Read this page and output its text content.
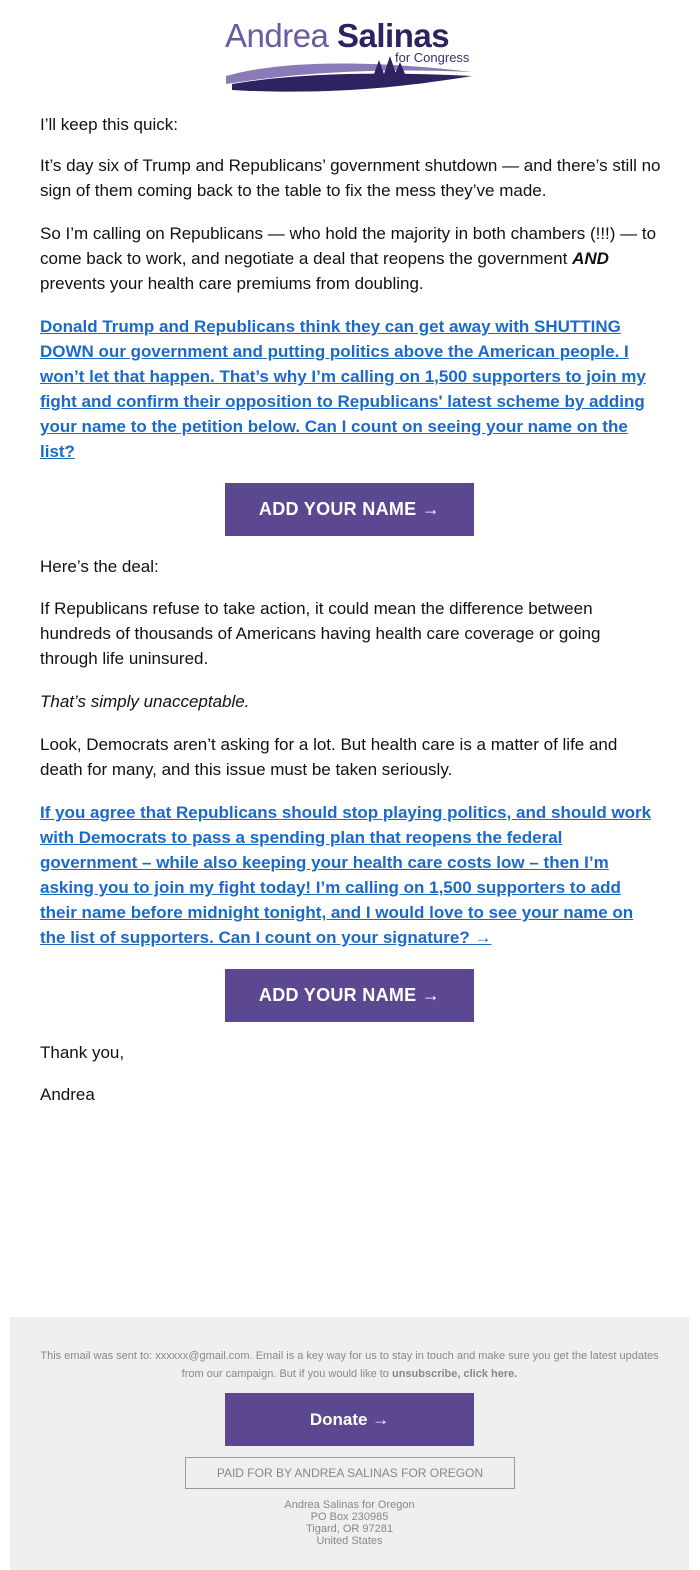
Andrea Salinas
for Congress

I’ll keep this quick:

It’s day six of Trump and Republicans’ government shutdown — and there’s still no sign of them coming back to the table to fix the mess they’ve made.

So I’m calling on Republicans — who hold the majority in both chambers (!!!) — to come back to work, and negotiate a deal that reopens the government AND prevents your health care premiums from doubling.

Donald Trump and Republicans think they can get away with SHUTTING DOWN our government and putting politics above the American people. I won’t let that happen. That’s why I’m calling on 1,500 supporters to join my fight and confirm their opposition to Republicans' latest scheme by adding your name to the petition below. Can I count on seeing your name on the list?
ADD YOUR NAME →

Here’s the deal:

If Republicans refuse to take action, it could mean the difference between hundreds of thousands of Americans having health care coverage or going through life uninsured.

That’s simply unacceptable.

Look, Democrats aren’t asking for a lot. But health care is a matter of life and death for many, and this issue must be taken seriously.

If you agree that Republicans should stop playing politics, and should work with Democrats to pass a spending plan that reopens the federal government – while also keeping your health care costs low – then I’m asking you to join my fight today! I’m calling on 1,500 supporters to add their name before midnight tonight, and I would love to see your name on the list of supporters. Can I count on your signature? →
ADD YOUR NAME →

Thank you,

Andrea

This email was sent to: xxxxxx@gmail.com. Email is a key way for us to stay in touch and make sure you get the latest updates from our campaign. But if you would like to unsubscribe, click here.
Donate →
PAID FOR BY ANDREA SALINAS FOR OREGON
Andrea Salinas for Oregon
PO Box 230985
Tigard, OR 97281
United States
